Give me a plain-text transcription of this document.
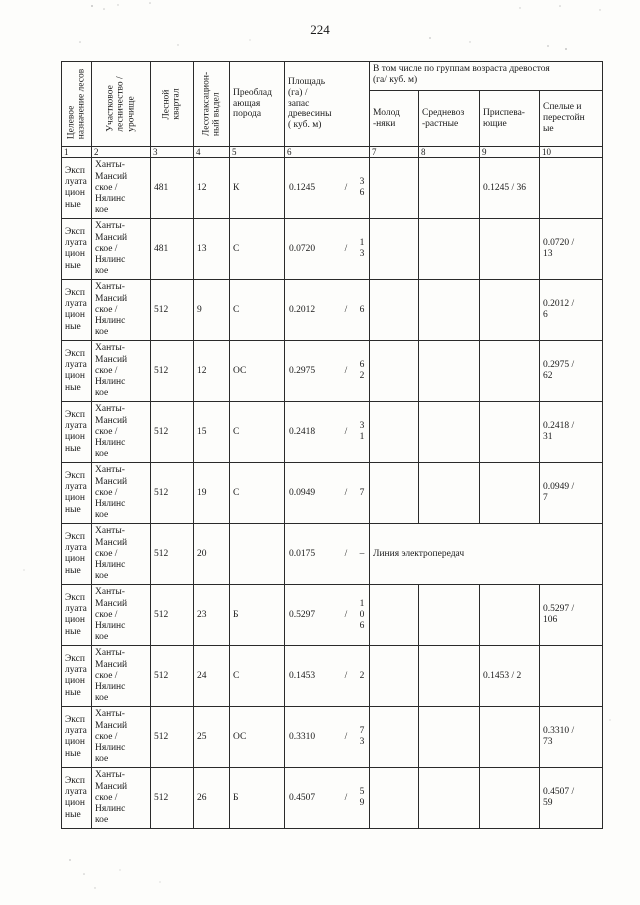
224
Целевое
назначение лесов	Участковое
лесничество /
урочище	Лесной
квартал	Лесотаксацион-
ный выдел	Преоблад
ающая
порода	Площадь
(га) /
запас
древесины
( куб. м)	В том числе по группам возраста древостоя
(га/ куб. м)			
						Молод
-няки	Средневоз
-растные	Приспева-
ющие	Спелые и
перестойн
ые
1	2	3	4	5	6	7	8	9	10
Эксп
луата
цион
ные	Ханты-
Мансий
ское /
Нялинс
кое	481	12	К	0.1245 /
3
6			0.1245 / 36	
Эксп
луата
цион
ные	Ханты-
Мансий
ское /
Нялинс
кое	481	13	С	0.0720 /
1
3				0.0720 /
13
Эксп
луата
цион
ные	Ханты-
Мансий
ское /
Нялинс
кое	512	9	С	0.2012 / 6				0.2012 /
6
Эксп
луата
цион
ные	Ханты-
Мансий
ское /
Нялинс
кое	512	12	ОС	0.2975 /
6
2				0.2975 /
62
Эксп
луата
цион
ные	Ханты-
Мансий
ское /
Нялинс
кое	512	15	С	0.2418 /
3
1				0.2418 /
31
Эксп
луата
цион
ные	Ханты-
Мансий
ское /
Нялинс
кое	512	19	С	0.0949 / 7				0.0949 /
7
Эксп
луата
цион
ные	Ханты-
Мансий
ское /
Нялинс
кое	512	20		0.0175 / –	Линия электропередач			
Эксп
луата
цион
ные	Ханты-
Мансий
ское /
Нялинс
кое	512	23	Б	0.5297 /
1
0
6				0.5297 /
106
Эксп
луата
цион
ные	Ханты-
Мансий
ское /
Нялинс
кое	512	24	С	0.1453 / 2			0.1453 / 2	
Эксп
луата
цион
ные	Ханты-
Мансий
ское /
Нялинс
кое	512	25	ОС	0.3310 /
7
3				0.3310 /
73
Эксп
луата
цион
ные	Ханты-
Мансий
ское /
Нялинс
кое	512	26	Б	0.4507 /
5
9				0.4507 /
59
